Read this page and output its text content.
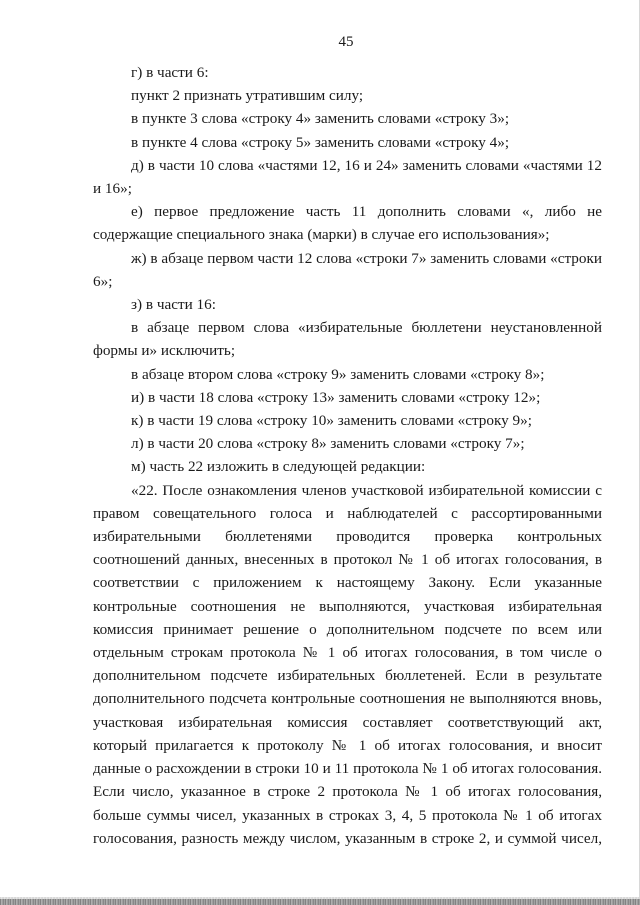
45

г) в части 6:

пункт 2 признать утратившим силу;

в пункте 3 слова «строку 4» заменить словами «строку 3»;

в пункте 4 слова «строку 5» заменить словами «строку 4»;

д) в части 10 слова «частями 12, 16 и 24» заменить словами «частями 12 и 16»;

е) первое предложение часть 11 дополнить словами «, либо не содержащие специального знака (марки) в случае его использования»;

ж) в абзаце первом части 12 слова «строки 7» заменить словами «строки 6»;

з) в части 16:

в абзаце первом слова «избирательные бюллетени неустановленной формы и» исключить;

в абзаце втором слова «строку 9» заменить словами «строку 8»;

и) в части 18 слова «строку 13» заменить словами «строку 12»;

к) в части 19 слова «строку 10» заменить словами «строку 9»;

л) в части 20 слова «строку 8» заменить словами «строку 7»;

м) часть 22 изложить в следующей редакции:

«22. После ознакомления членов участковой избирательной комиссии с правом совещательного голоса и наблюдателей с рассортированными избирательными бюллетенями проводится проверка контрольных соотношений данных, внесенных в протокол № 1 об итогах голосования, в соответствии с приложением к настоящему Закону. Если указанные контрольные соотношения не выполняются, участковая избирательная комиссия принимает решение о дополнительном подсчете по всем или отдельным строкам протокола № 1 об итогах голосования, в том числе о дополнительном подсчете избирательных бюллетеней. Если в результате дополнительного подсчета контрольные соотношения не выполняются вновь, участковая избирательная комиссия составляет соответствующий акт, который прилагается к протоколу № 1 об итогах голосования, и вносит данные о расхождении в строки 10 и 11 протокола № 1 об итогах голосования. Если число, указанное в строке 2 протокола № 1 об итогах голосования, больше суммы чисел, указанных в строках 3, 4, 5 протокола № 1 об итогах голосования, разность между числом, указанным в строке 2, и суммой чисел,
